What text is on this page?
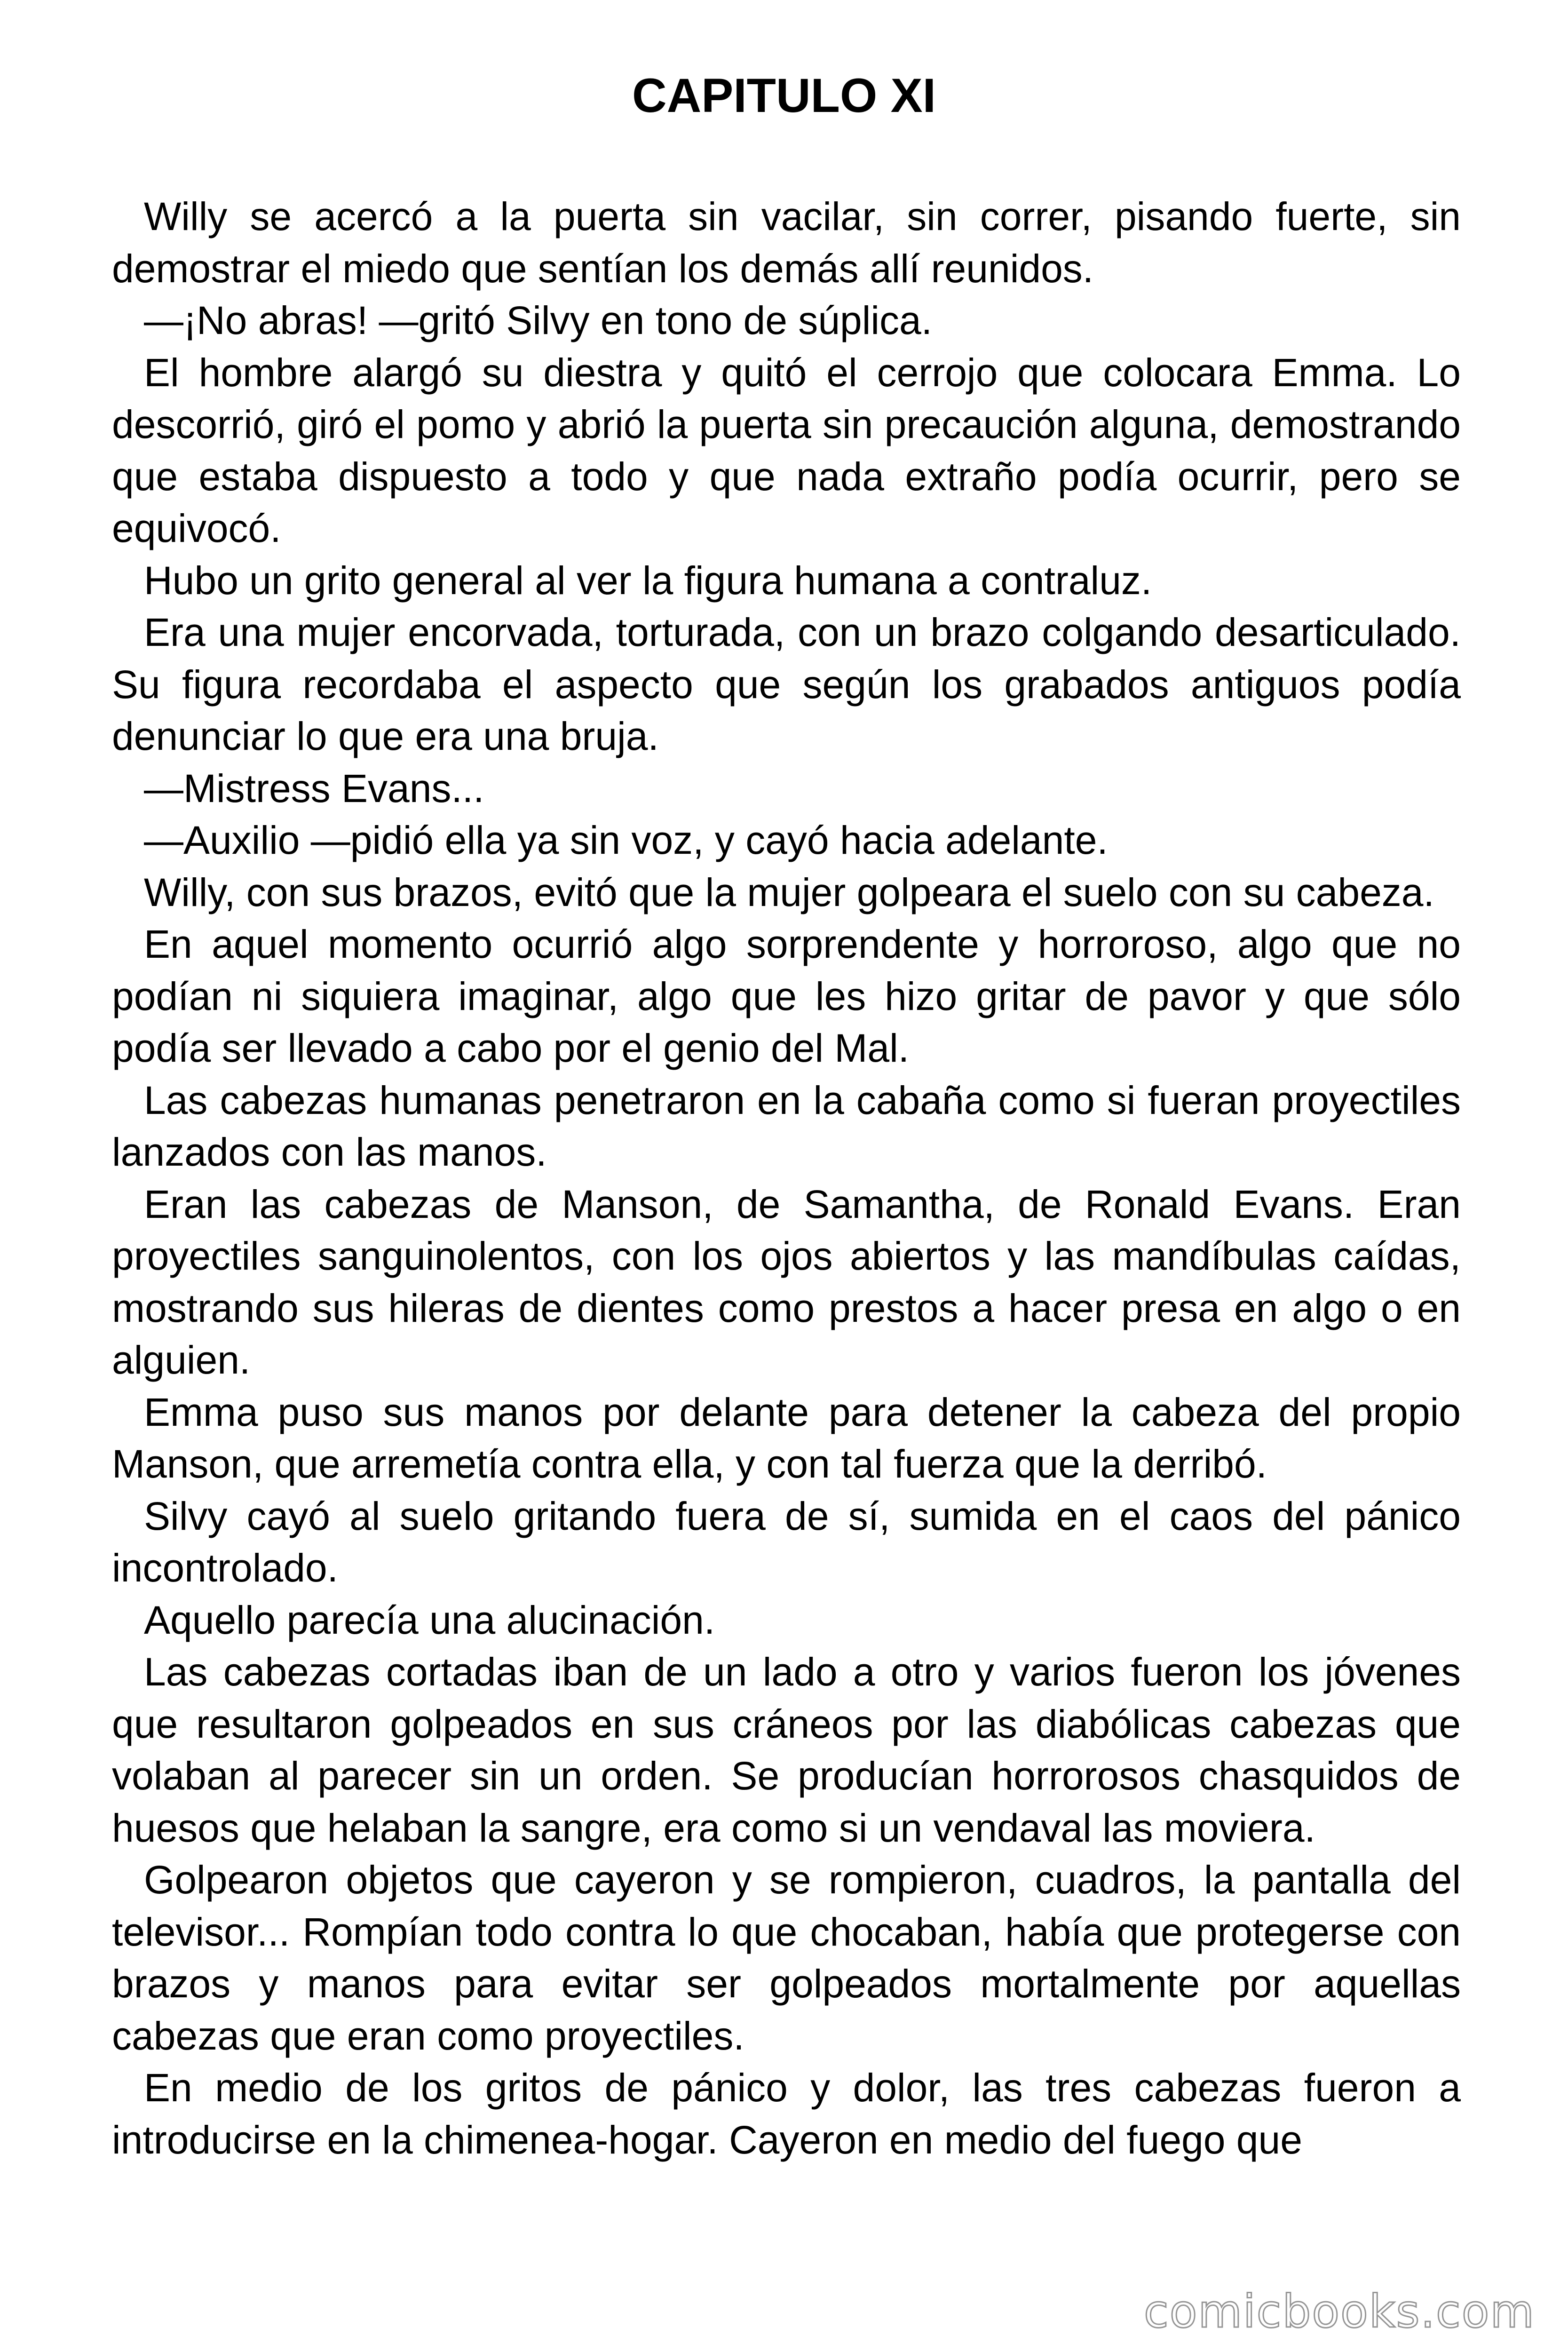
CAPITULO XI

Willy se acercó a la puerta sin vacilar, sin correr, pisando fuerte, sin demostrar el miedo que sentían los demás allí reunidos.

—¡No abras! —gritó Silvy en tono de súplica.

El hombre alargó su diestra y quitó el cerrojo que colocara Emma. Lo descorrió, giró el pomo y abrió la puerta sin precaución alguna, demostrando que estaba dispuesto a todo y que nada extraño podía ocurrir, pero se equivocó.

Hubo un grito general al ver la figura humana a contraluz.

Era una mujer encorvada, torturada, con un brazo colgando desarticulado. Su figura recordaba el aspecto que según los grabados antiguos podía denunciar lo que era una bruja.

—Mistress Evans...

—Auxilio —pidió ella ya sin voz, y cayó hacia adelante.

Willy, con sus brazos, evitó que la mujer golpeara el suelo con su cabeza.

En aquel momento ocurrió algo sorprendente y horroroso, algo que no podían ni siquiera imaginar, algo que les hizo gritar de pavor y que sólo podía ser llevado a cabo por el genio del Mal.

Las cabezas humanas penetraron en la cabaña como si fueran proyectiles lanzados con las manos.

Eran las cabezas de Manson, de Samantha, de Ronald Evans. Eran proyectiles sanguinolentos, con los ojos abiertos y las mandíbulas caídas, mostrando sus hileras de dientes como prestos a hacer presa en algo o en alguien.

Emma puso sus manos por delante para detener la cabeza del propio Manson, que arremetía contra ella, y con tal fuerza que la derribó.

Silvy cayó al suelo gritando fuera de sí, sumida en el caos del pánico incontrolado.

Aquello parecía una alucinación.

Las cabezas cortadas iban de un lado a otro y varios fueron los jóvenes que resultaron golpeados en sus cráneos por las diabólicas cabezas que volaban al parecer sin un orden. Se producían horrorosos chasquidos de huesos que helaban la sangre, era como si un vendaval las moviera.

Golpearon objetos que cayeron y se rompieron, cuadros, la pantalla del televisor... Rompían todo contra lo que chocaban, había que protegerse con brazos y manos para evitar ser golpeados mortalmente por aquellas cabezas que eran como proyectiles.

En medio de los gritos de pánico y dolor, las tres cabezas fueron a introducirse en la chimenea-hogar. Cayeron en medio del fuego que

comicbooks.com
